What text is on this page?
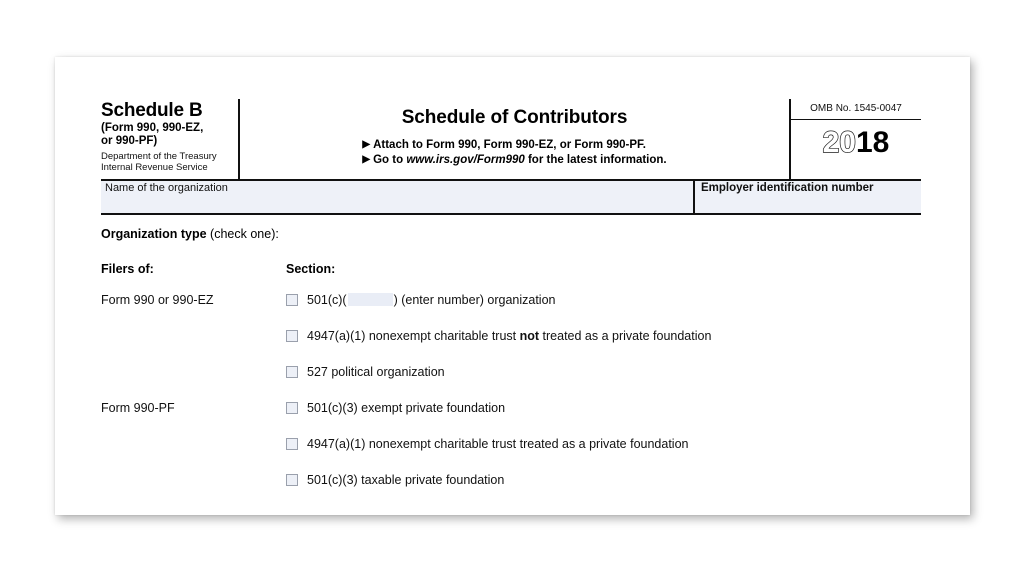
Schedule B
(Form 990, 990-EZ,
or 990-PF)
Department of the Treasury
Internal Revenue Service
Schedule of Contributors
▶ Attach to Form 990, Form 990-EZ, or Form 990-PF.
▶ Go to www.irs.gov/Form990 for the latest information.
OMB No. 1545-0047
2018
Name of the organization	Employer identification number
Organization type (check one):
Filers of:	Section:
Form 990 or 990-EZ	501(c)(	) (enter number) organization
4947(a)(1) nonexempt charitable trust not treated as a private foundation
527 political organization
Form 990-PF	501(c)(3) exempt private foundation
4947(a)(1) nonexempt charitable trust treated as a private foundation
501(c)(3) taxable private foundation
